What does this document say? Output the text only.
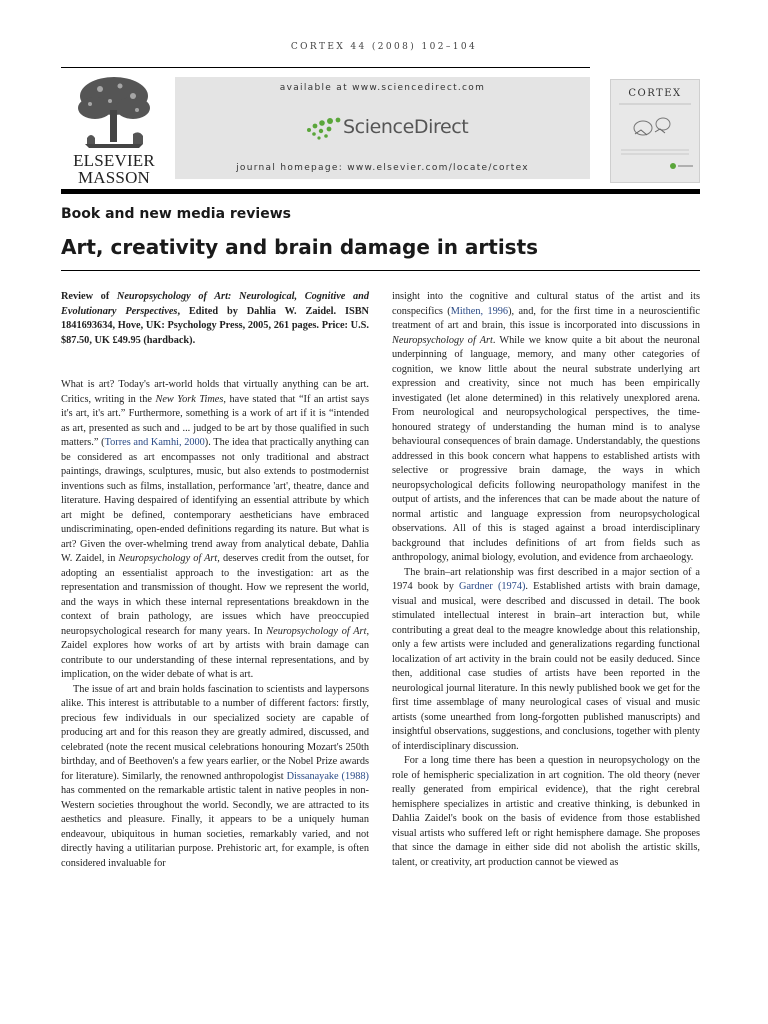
CORTEX 44 (2008) 102–104
ELSEVIER
MASSON
available at www.sciencedirect.com
ScienceDirect
journal homepage: www.elsevier.com/locate/cortex
CORTEX
Book and new media reviews
Art, creativity and brain damage in artists

Review of Neuropsychology of Art: Neurological, Cognitive and Evolutionary Perspectives, Edited by Dahlia W. Zaidel. ISBN 1841693634, Hove, UK: Psychology Press, 2005, 261 pages. Price: U.S. $87.50, UK £49.95 (hardback).

What is art? Today's art-world holds that virtually anything can be art. Critics, writing in the New York Times, have stated that “If an artist says it's art, it's art.” Furthermore, something is a work of art if it is “intended as art, presented as such and ... judged to be art by those qualified in such matters.” (Torres and Kamhi, 2000). The idea that practically anything can be considered as art encompasses not only traditional and abstract paintings, drawings, sculptures, music, but also extends to postmodernist inventions such as films, installation, performance 'art', theatre, dance and literature. Having despaired of identifying an essential attribute by which art might be defined, contemporary aestheticians have embraced undiscriminating, open-ended definitions regarding its nature. But what is art? Given the over-whelming trend away from analytical debate, Dahlia W. Zaidel, in Neuropsychology of Art, deserves credit from the outset, for adopting an essentialist approach to the investigation: art as the representation and transmission of thought. How we represent the world, and the ways in which these internal representations breakdown in the context of brain pathology, are issues which have preoccupied neuropsychological research for many years. In Neuropsychology of Art, Zaidel explores how works of art by artists with brain damage can contribute to our understanding of these internal representations, and by implication, on the wider debate of what is art.

The issue of art and brain holds fascination to scientists and laypersons alike. This interest is attributable to a number of different factors: firstly, precious few individuals in our specialized society are capable of producing art and for this reason they are greatly admired, discussed, and celebrated (note the recent musical celebrations honouring Mozart's 250th birthday, and of Beethoven's a few years earlier, or the Nobel Prize awards for literature). Similarly, the renowned anthropologist Dissanayake (1988) has commented on the remarkable artistic talent in native peoples in non-Western societies throughout the world. Secondly, we are attracted to its aesthetics and pleasure. Finally, it appears to be a uniquely human endeavour, ubiquitous in human societies, remarkably varied, and not directly having a utilitarian purpose. Prehistoric art, for example, is often considered invaluable for

insight into the cognitive and cultural status of the artist and its conspecifics (Mithen, 1996), and, for the first time in a neuroscientific treatment of art and brain, this issue is incorporated into discussions in Neuropsychology of Art. While we know quite a bit about the neuronal underpinning of language, memory, and many other categories of cognition, we know little about the neural substrate underlying art expression and creativity, since not much has been empirically investigated (let alone determined) in this relatively unexplored arena. From neurological and neuropsychological perspectives, the time-honoured strategy of understanding the human mind is to analyse behavioural consequences of brain damage. Understandably, the questions addressed in this book concern what happens to established artists with selective or progressive brain damage, the ways in which neuropsychological deficits following neuropathology manifest in the output of artists, and the inferences that can be made about the nature of normal artistic and language expression from neuropsychological observations. All of this is staged against a broad interdisciplinary background that includes definitions of art from fields such as anthropology, animal biology, evolution, and evidence from archaeology.

The brain–art relationship was first described in a major section of a 1974 book by Gardner (1974). Established artists with brain damage, visual and musical, were described and discussed in detail. The book stimulated intellectual interest in brain–art interaction but, while contributing a great deal to the meagre knowledge about this relationship, only a few artists were included and generalizations regarding functional localization of art activity in the brain could not be easily deduced. Since then, additional case studies of artists have been reported in the neurological journal literature. In this newly published book we get for the first time assemblage of many neurological cases of visual and music artists (some unearthed from long-forgotten published manuscripts) and insightful observations, suggestions, and conclusions, together with plenty of interdisciplinary discussion.

For a long time there has been a question in neuropsychology on the role of hemispheric specialization in art cognition. The old theory (never really generated from empirical evidence), that the right cerebral hemisphere specializes in artistic and creative thinking, is debunked in Dahlia Zaidel's book on the basis of evidence from those established visual artists who suffered left or right hemisphere damage. She proposes that since the damage in either side did not abolish the artistic skills, talent, or creativity, art production cannot be viewed as
